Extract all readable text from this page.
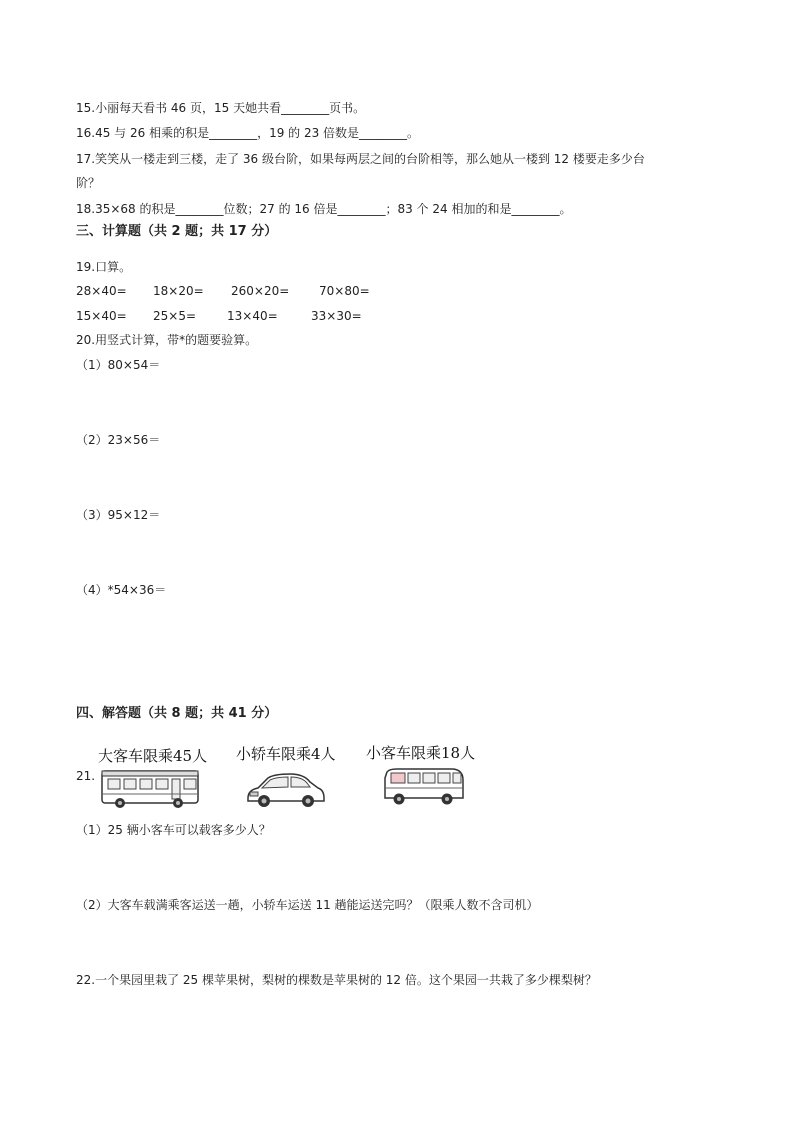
15.小丽每天看书 46 页，15 天她共看________页书。
16.45 与 26 相乘的积是________，19 的 23 倍数是________。
17.笑笑从一楼走到三楼，走了 36 级台阶，如果每两层之间的台阶相等，那么她从一楼到 12 楼要走多少台
阶？
18.35×68 的积是________位数；27 的 16 倍是________；83 个 24 相加的和是________。
三、计算题（共 2 题；共 17 分）
19.口算。
28×40= 18×20= 260×20= 70×80=
15×40= 25×5=	13×40=	33×30=
20.用竖式计算，带*的题要验算。
（1）80×54＝
（2）23×56＝
（3）95×12＝
（4）*54×36＝
四、解答题（共 8 题；共 41 分）
21.
大客车限乘45人 小轿车限乘4人 小客车限乘18人
（1）25 辆小客车可以载客多少人？
（2）大客车载满乘客运送一趟，小轿车运送 11 趟能运送完吗？（限乘人数不含司机）
22.一个果园里栽了 25 棵苹果树，梨树的棵数是苹果树的 12 倍。这个果园一共栽了多少棵梨树？
